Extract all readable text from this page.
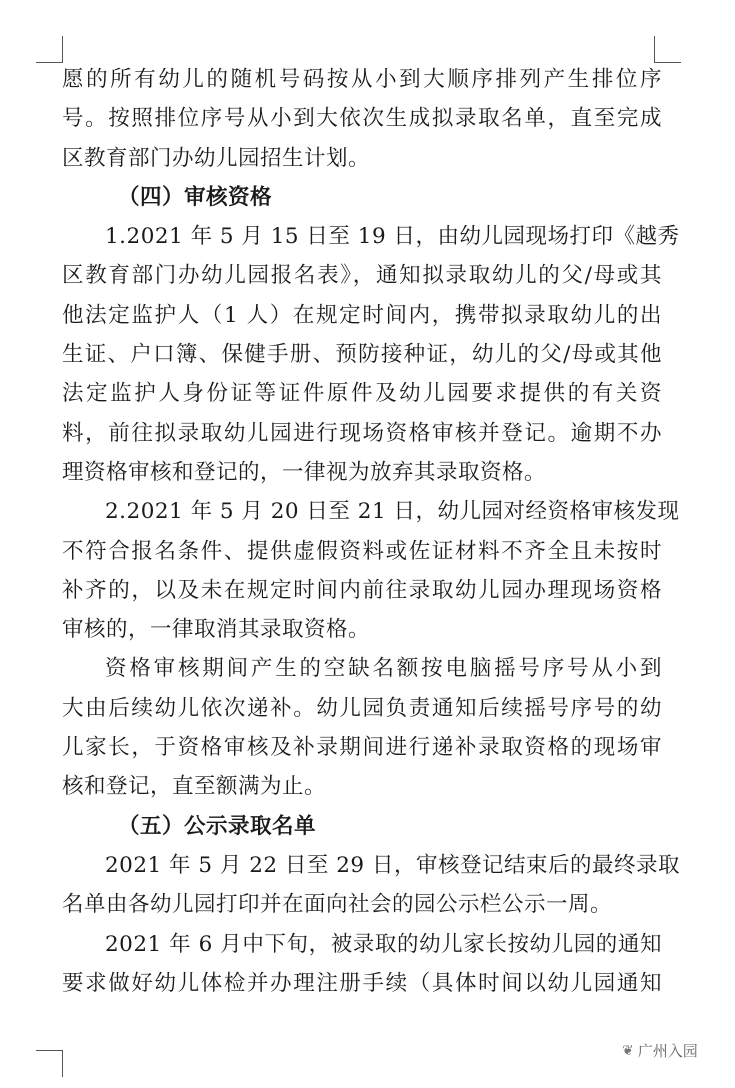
愿的所有幼儿的随机号码按从小到大顺序排列产生排位序
号。按照排位序号从小到大依次生成拟录取名单，直至完成
区教育部门办幼儿园招生计划。
（四）审核资格
1.2021 年 5 月 15 日至 19 日，由幼儿园现场打印《越秀
区教育部门办幼儿园报名表》，通知拟录取幼儿的父/母或其
他法定监护人（1 人）在规定时间内，携带拟录取幼儿的出
生证、户口簿、保健手册、预防接种证，幼儿的父/母或其他
法定监护人身份证等证件原件及幼儿园要求提供的有关资
料，前往拟录取幼儿园进行现场资格审核并登记。逾期不办
理资格审核和登记的，一律视为放弃其录取资格。
2.2021 年 5 月 20 日至 21 日，幼儿园对经资格审核发现
不符合报名条件、提供虚假资料或佐证材料不齐全且未按时
补齐的，以及未在规定时间内前往录取幼儿园办理现场资格
审核的，一律取消其录取资格。
资格审核期间产生的空缺名额按电脑摇号序号从小到
大由后续幼儿依次递补。幼儿园负责通知后续摇号序号的幼
儿家长，于资格审核及补录期间进行递补录取资格的现场审
核和登记，直至额满为止。
（五）公示录取名单
2021 年 5 月 22 日至 29 日，审核登记结束后的最终录取
名单由各幼儿园打印并在面向社会的园公示栏公示一周。
2021 年 6 月中下旬，被录取的幼儿家长按幼儿园的通知
要求做好幼儿体检并办理注册手续（具体时间以幼儿园通知
❦ 广州入园
